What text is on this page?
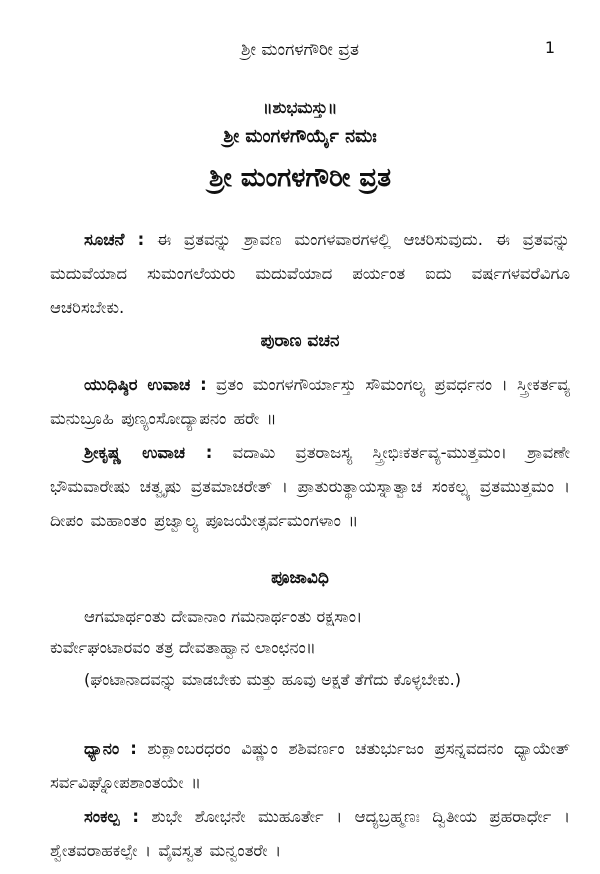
ಶ್ರೀ ಮಂಗಳಗೌರೀ ವ್ರತ	1
॥ಶುಭಮಸ್ತು॥
ಶ್ರೀ ಮಂಗಳಗೌರ್ಯೈ ನಮಃ
ಶ್ರೀ ಮಂಗಳಗೌರೀ ವ್ರತ
ಸೂಚನೆ : ಈ ವ್ರತವನ್ನು ಶ್ರಾವಣ ಮಂಗಳವಾರಗಳಲ್ಲಿ ಆಚರಿಸುವುದು. ಈ ವ್ರತವನ್ನು ಮದುವೆಯಾದ ಸುಮಂಗಲೆಯರು ಮದುವೆಯಾದ ಪರ್ಯಂತ ಐದು ವರ್ಷಗಳವರೆವಿಗೂ ಆಚರಿಸಬೇಕು.
ಪುರಾಣ ವಚನ
ಯುಧಿಷ್ಠಿರ ಉವಾಚ : ವ್ರತಂ ಮಂಗಳಗೌರ್ಯಾಸ್ತು ಸೌಮಂಗಲ್ಯ ಪ್ರವರ್ಧನಂ । ಸ್ತ್ರೀಕರ್ತವ್ಯ ಮನುಬ್ರೂಹಿ ಪುಣ್ಯಂಸೋದ್ಯಾಪನಂ ಹರೇ ॥
ಶ್ರೀಕೃಷ್ಣ ಉವಾಚ : ವದಾಮಿ ವ್ರತರಾಜಸ್ಯ ಸ್ತ್ರೀಭಿಃಕರ್ತವ್ಯ-ಮುತ್ತಮಂ। ಶ್ರಾವಣೇ ಭೌಮವಾರೇಷು ಚತ್ವೃಷು ವ್ರತಮಾಚರೇತ್ । ಪ್ರಾತುರುತ್ಥಾಯಸ್ನಾತ್ವಾಚ ಸಂಕಲ್ಪ್ಯ ವ್ರತಮುತ್ತಮಂ । ದೀಪಂ ಮಹಾಂತಂ ಪ್ರಜ್ವಾಲ್ಯ ಪೂಜಯೇತ್ಸರ್ವಮಂಗಳಾಂ ॥
ಪೂಜಾವಿಧಿ
ಆಗಮಾರ್ಥಂತು ದೇವಾನಾಂ ಗಮನಾರ್ಥಂತು ರಕ್ಷಸಾಂ।
ಕುರ್ವೇಘಂಟಾರವಂ ತತ್ರ ದೇವತಾಹ್ವಾನ ಲಾಂಛನಂ॥
(ಘಂಟಾನಾದವನ್ನು ಮಾಡಬೇಕು ಮತ್ತು ಹೂವು ಅಕ್ಷತೆ ತೆಗೆದು ಕೊಳ್ಳಬೇಕು.)
ಧ್ಯಾನಂ : ಶುಕ್ಲಾಂಬರಧರಂ ವಿಷ್ಣುಂ ಶಶಿವರ್ಣಂ ಚತುರ್ಭುಜಂ ಪ್ರಸನ್ನವದನಂ ಧ್ಯಾಯೇತ್ ಸರ್ವವಿಘ್ನೋಪಶಾಂತಯೇ ॥
ಸಂಕಲ್ಪ : ಶುಭೇ ಶೋಭನೇ ಮುಹೂರ್ತೇ । ಆದ್ಯಬ್ರಹ್ಮಣಃ ದ್ವಿತೀಯ ಪ್ರಹರಾರ್ಧೇ । ಶ್ವೇತವರಾಹಕಲ್ಪೇ । ವೈವಸ್ವತ ಮನ್ವಂತರೇ ।
